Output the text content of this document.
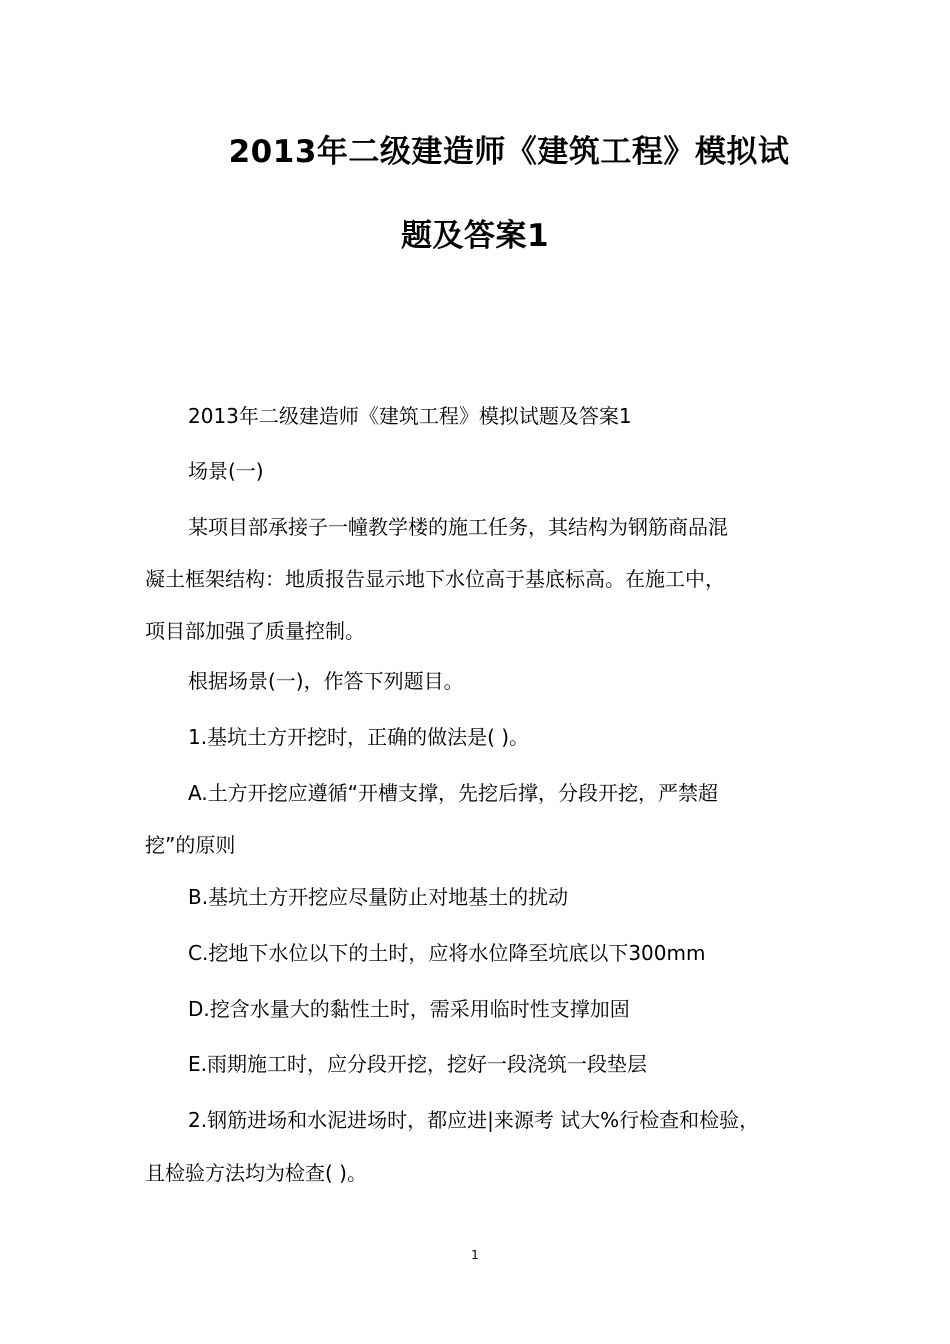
2013年二级建造师《建筑工程》模拟试
题及答案1
2013年二级建造师《建筑工程》模拟试题及答案1
场景(一)
某项目部承接子一幢教学楼的施工任务，其结构为钢筋商品混
凝土框架结构：地质报告显示地下水位高于基底标高。在施工中，
项目部加强了质量控制。
根据场景(一)，作答下列题目。
1.基坑土方开挖时，正确的做法是( )。
A.土方开挖应遵循“开槽支撑，先挖后撑，分段开挖，严禁超
挖”的原则
B.基坑土方开挖应尽量防止对地基土的扰动
C.挖地下水位以下的土时，应将水位降至坑底以下300mm
D.挖含水量大的黏性土时，需采用临时性支撑加固
E.雨期施工时，应分段开挖，挖好一段浇筑一段垫层
2.钢筋进场和水泥进场时，都应进|来源考 试大%行检查和检验，
且检验方法均为检查( )。
1
